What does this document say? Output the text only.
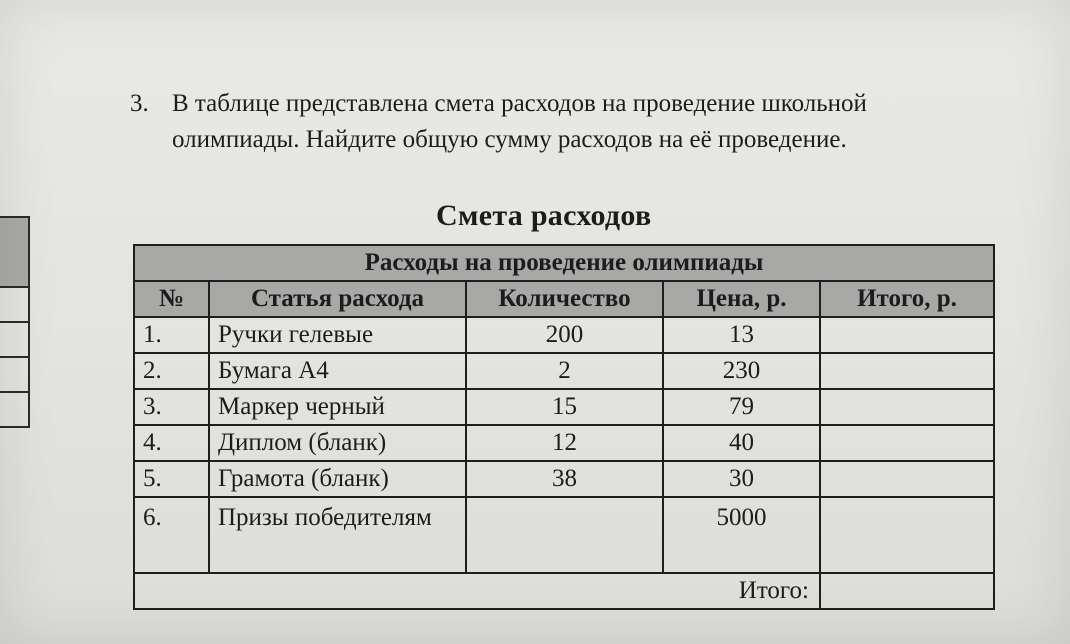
3. В таблице представлена смета расходов на проведение школьной олимпиады. Найдите общую сумму расходов на её проведение.
Смета расходов
Расходы на проведение олимпиады				
№	Статья расхода	Количество	Цена, р.	Итого, р.
1.	Ручки гелевые	200	13	
2.	Бумага А4	2	230	
3.	Маркер черный	15	79	
4.	Диплом (бланк)	12	40	
5.	Грамота (бланк)	38	30	
6.	Призы победителям		5000	
Итого:				
